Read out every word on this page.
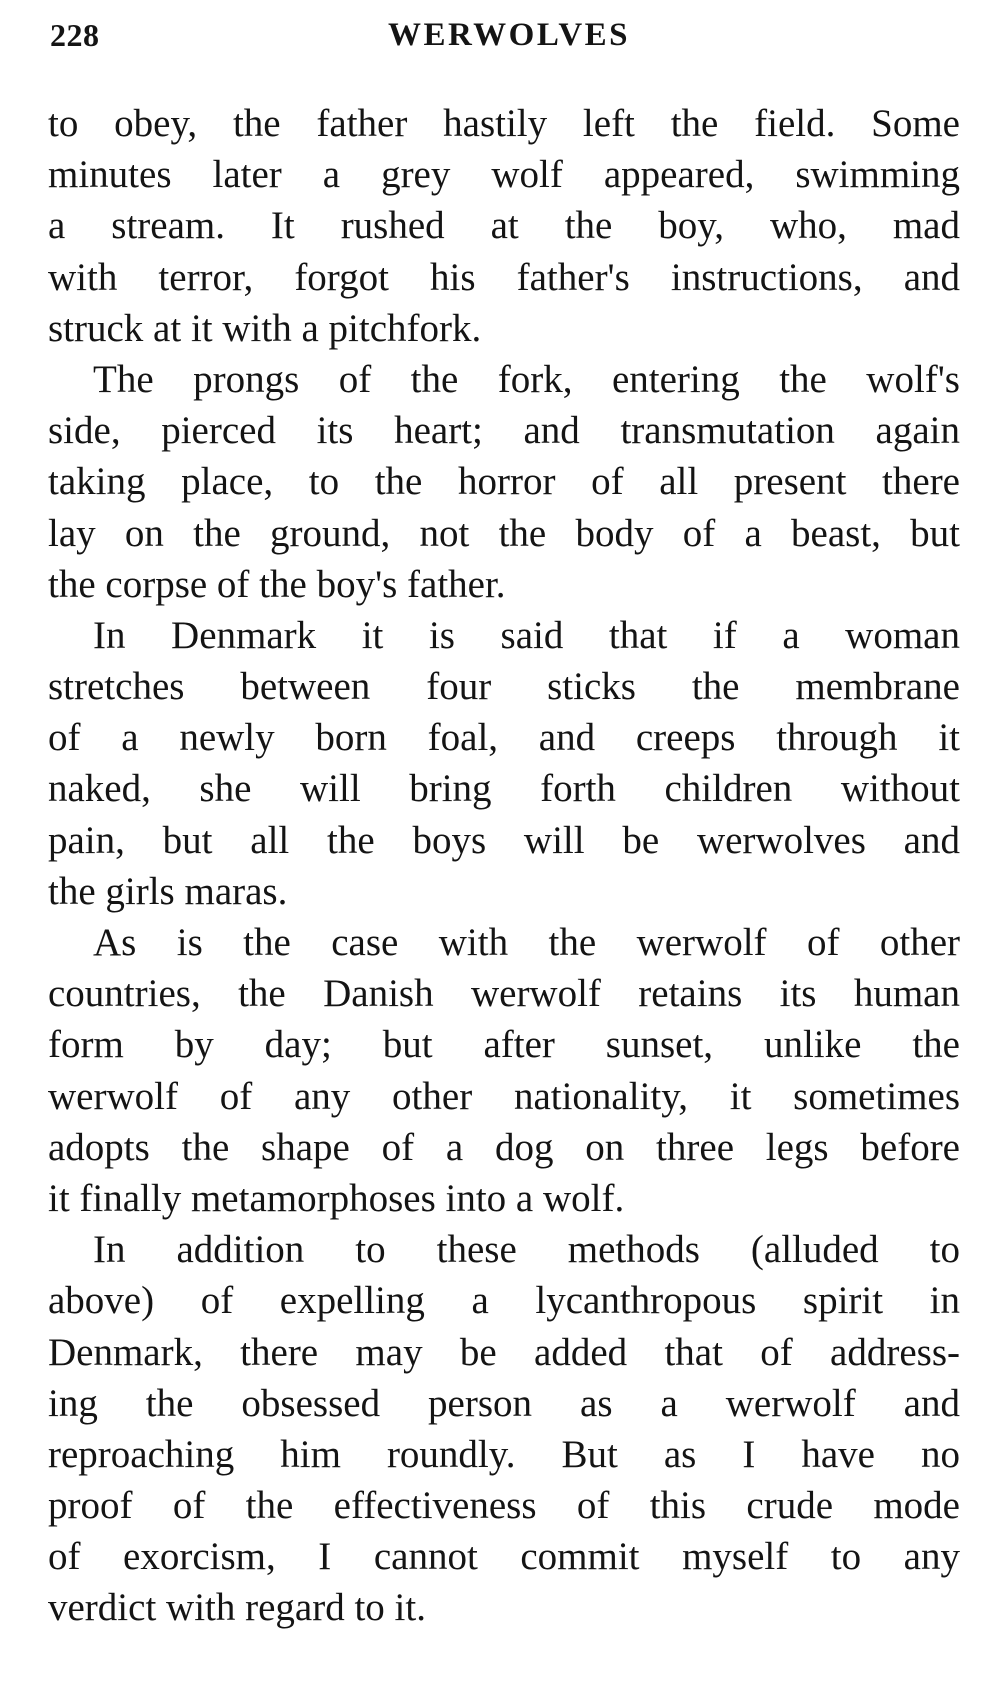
228	WERWOLVES
to obey, the father hastily left the field. Some
minutes later a grey wolf appeared, swimming
a stream. It rushed at the boy, who, mad
with terror, forgot his father's instructions, and
struck at it with a pitchfork.
The prongs of the fork, entering the wolf's
side, pierced its heart; and transmutation again
taking place, to the horror of all present there
lay on the ground, not the body of a beast, but
the corpse of the boy's father.
In Denmark it is said that if a woman
stretches between four sticks the membrane
of a newly born foal, and creeps through it
naked, she will bring forth children without
pain, but all the boys will be werwolves and
the girls maras.
As is the case with the werwolf of other
countries, the Danish werwolf retains its human
form by day; but after sunset, unlike the
werwolf of any other nationality, it sometimes
adopts the shape of a dog on three legs before
it finally metamorphoses into a wolf.
In addition to these methods (alluded to
above) of expelling a lycanthropous spirit in
Denmark, there may be added that of address-
ing the obsessed person as a werwolf and
reproaching him roundly. But as I have no
proof of the effectiveness of this crude mode
of exorcism, I cannot commit myself to any
verdict with regard to it.
